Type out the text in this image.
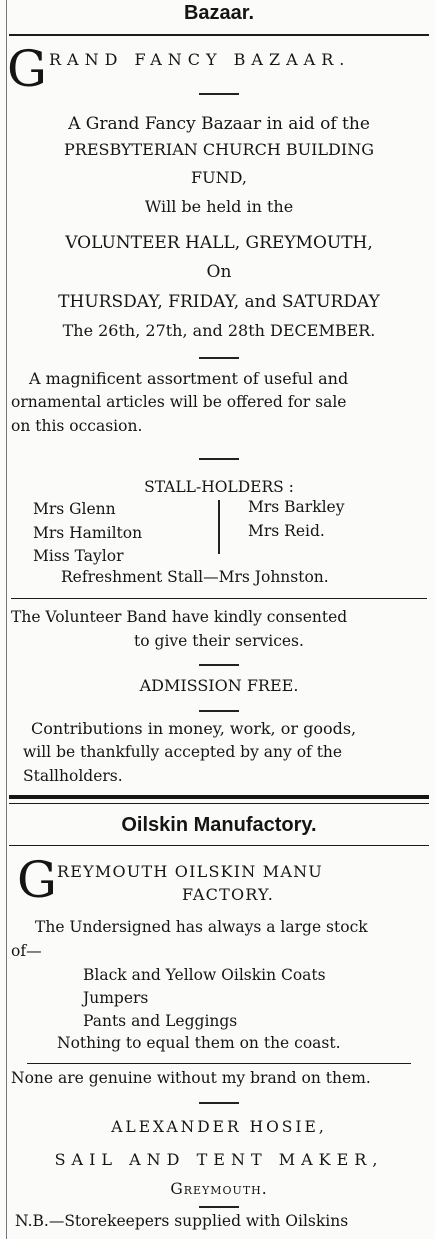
Bazaar.
G RAND FANCY BAZAAR.
A Grand Fancy Bazaar in aid of the
PRESBYTERIAN CHURCH BUILDING
FUND,
Will be held in the
VOLUNTEER HALL, GREYMOUTH,
On
THURSDAY, FRIDAY, and SATURDAY
The 26th, 27th, and 28th DECEMBER.
A magnificent assortment of useful and
ornamental articles will be offered for sale
on this occasion.
STALL-HOLDERS :
Mrs Glenn
Mrs Hamilton
Miss Taylor
Mrs Barkley
Mrs Reid.
Refreshment Stall—Mrs Johnston.
The Volunteer Band have kindly consented
to give their services.
ADMISSION FREE.
Contributions in money, work, or goods,
will be thankfully accepted by any of the
Stallholders.
Oilskin Manufactory.
G REYMOUTH OILSKIN MANU
FACTORY.
The Undersigned has always a large stock
of—
Black and Yellow Oilskin Coats
Jumpers
Pants and Leggings
Nothing to equal them on the coast.
None are genuine without my brand on them.
ALEXANDER HOSIE,
SAIL AND TENT MAKER,
Greymouth.
N.B.—Storekeepers supplied with Oilskins
